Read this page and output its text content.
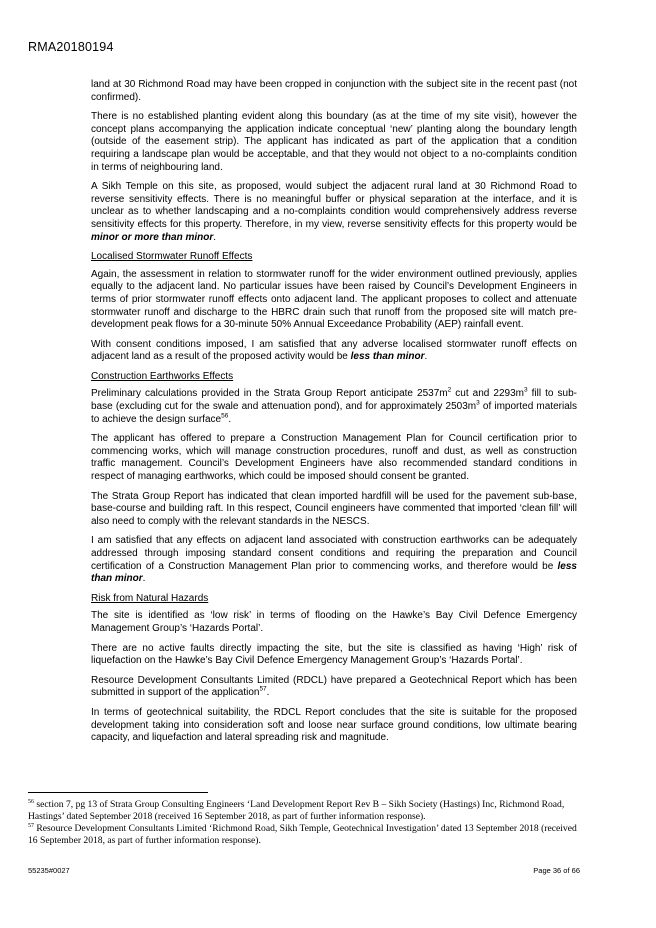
RMA20180194

land at 30 Richmond Road may have been cropped in conjunction with the subject site in the recent past (not confirmed).

There is no established planting evident along this boundary (as at the time of my site visit), however the concept plans accompanying the application indicate conceptual ‘new’ planting along the boundary length (outside of the easement strip). The applicant has indicated as part of the application that a condition requiring a landscape plan would be acceptable, and that they would not object to a no-complaints condition in terms of neighbouring land.

A Sikh Temple on this site, as proposed, would subject the adjacent rural land at 30 Richmond Road to reverse sensitivity effects. There is no meaningful buffer or physical separation at the interface, and it is unclear as to whether landscaping and a no-complaints condition would comprehensively address reverse sensitivity effects for this property. Therefore, in my view, reverse sensitivity effects for this property would be minor or more than minor.

Localised Stormwater Runoff Effects

Again, the assessment in relation to stormwater runoff for the wider environment outlined previously, applies equally to the adjacent land. No particular issues have been raised by Council’s Development Engineers in terms of prior stormwater runoff effects onto adjacent land. The applicant proposes to collect and attenuate stormwater runoff and discharge to the HBRC drain such that runoff from the proposed site will match pre-development peak flows for a 30-minute 50% Annual Exceedance Probability (AEP) rainfall event.

With consent conditions imposed, I am satisfied that any adverse localised stormwater runoff effects on adjacent land as a result of the proposed activity would be less than minor.

Construction Earthworks Effects

Preliminary calculations provided in the Strata Group Report anticipate $2537m^2$ cut and $2293m^3$ fill to sub-base (excluding cut for the swale and attenuation pond), and for approximately $2503m^3$ of imported materials to achieve the design surface$^{56}$.

The applicant has offered to prepare a Construction Management Plan for Council certification prior to commencing works, which will manage construction procedures, runoff and dust, as well as construction traffic management. Council’s Development Engineers have also recommended standard conditions in respect of managing earthworks, which could be imposed should consent be granted.

The Strata Group Report has indicated that clean imported hardfill will be used for the pavement sub-base, base-course and building raft. In this respect, Council engineers have commented that imported ‘clean fill’ will also need to comply with the relevant standards in the NESCS.

I am satisfied that any effects on adjacent land associated with construction earthworks can be adequately addressed through imposing standard consent conditions and requiring the preparation and Council certification of a Construction Management Plan prior to commencing works, and therefore would be less than minor.

Risk from Natural Hazards

The site is identified as ‘low risk’ in terms of flooding on the Hawke’s Bay Civil Defence Emergency Management Group’s ‘Hazards Portal’.

There are no active faults directly impacting the site, but the site is classified as having ‘High’ risk of liquefaction on the Hawke’s Bay Civil Defence Emergency Management Group’s ‘Hazards Portal’.

Resource Development Consultants Limited (RDCL) have prepared a Geotechnical Report which has been submitted in support of the application$^{57}$.

In terms of geotechnical suitability, the RDCL Report concludes that the site is suitable for the proposed development taking into consideration soft and loose near surface ground conditions, low ultimate bearing capacity, and liquefaction and lateral spreading risk and magnitude.

$^{56}$ section 7, pg 13 of Strata Group Consulting Engineers ‘Land Development Report Rev B – Sikh Society (Hastings) Inc, Richmond Road, Hastings’ dated September 2018 (received 16 September 2018, as part of further information response).

$^{57}$ Resource Development Consultants Limited ‘Richmond Road, Sikh Temple, Geotechnical Investigation’ dated 13 September 2018 (received 16 September 2018, as part of further information response).

55235#0027	Page 36 of 66
